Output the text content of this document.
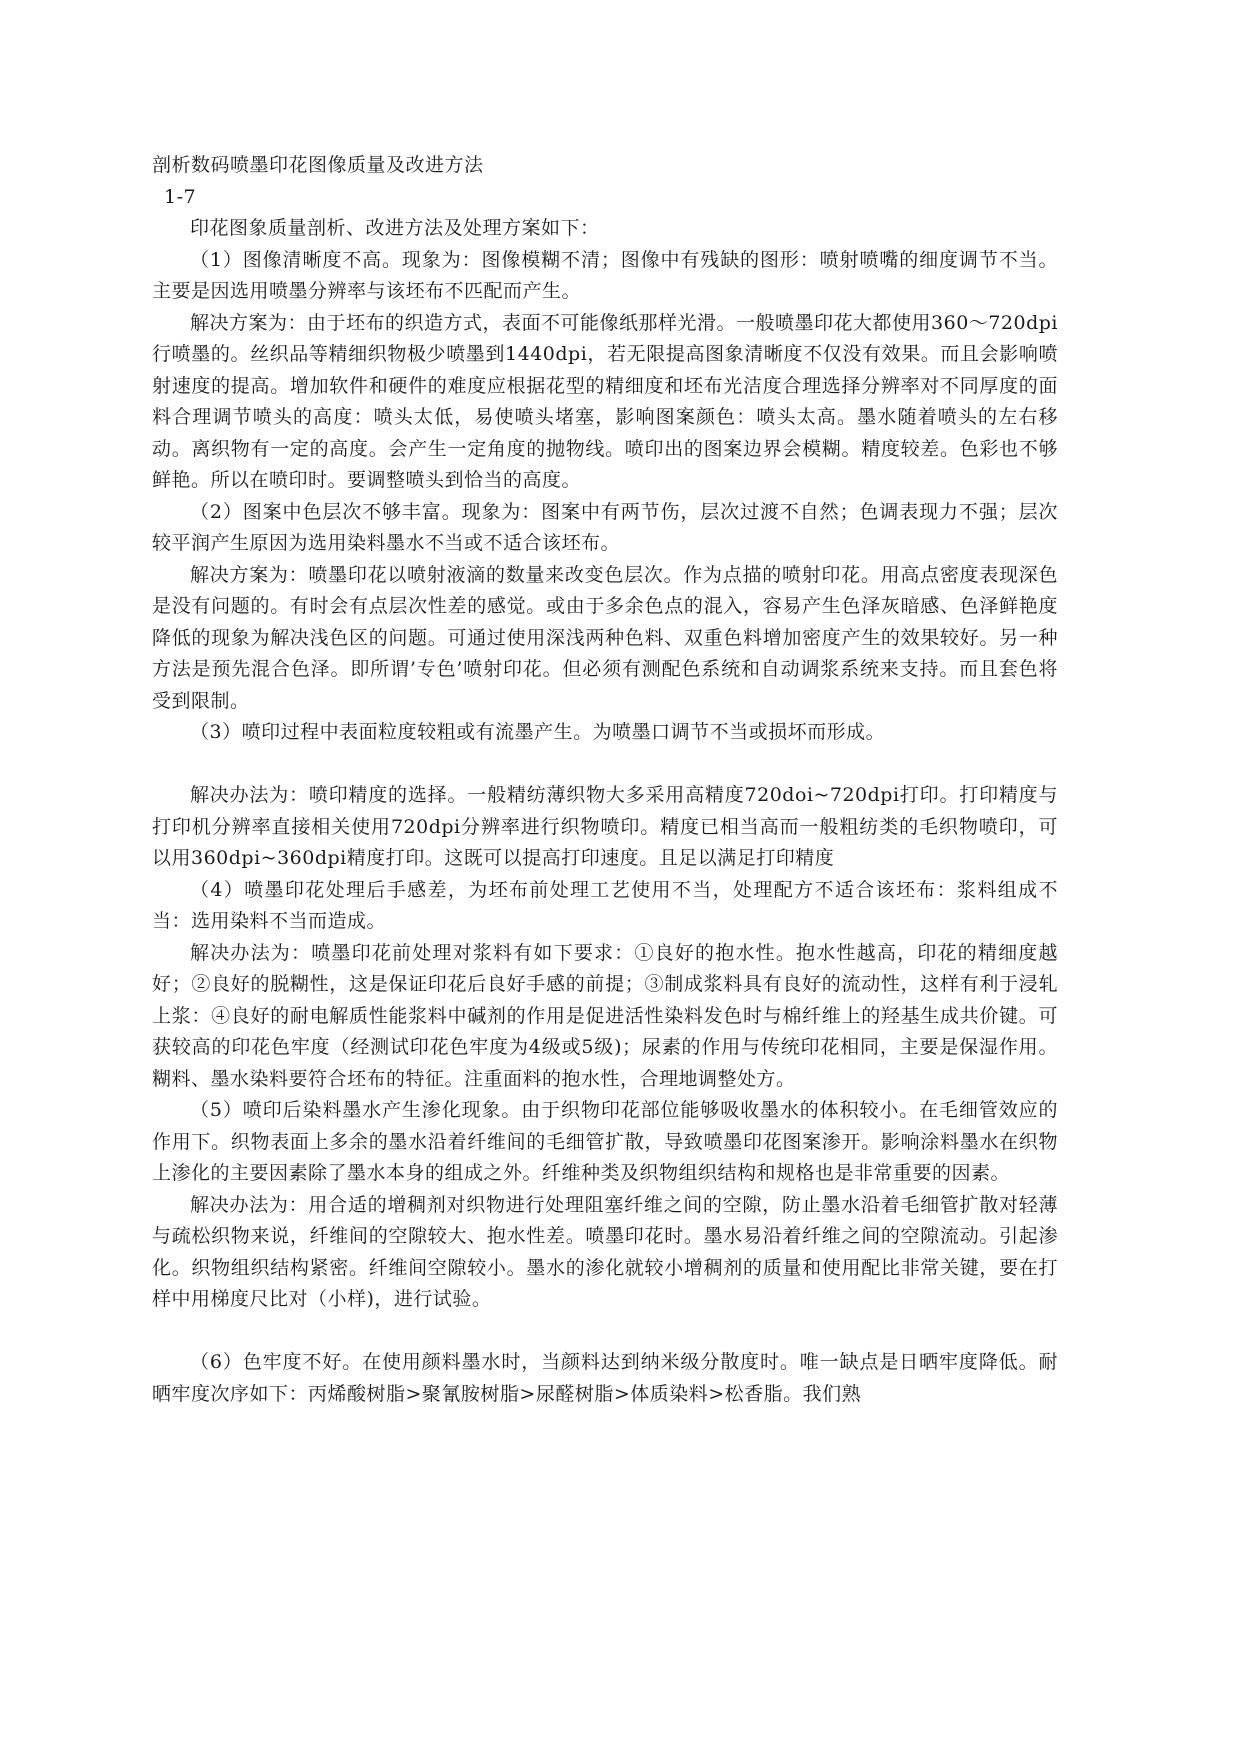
剖析数码喷墨印花图像质量及改进方法

1-7

印花图象质量剖析、改进方法及处理方案如下：

（1）图像清晰度不高。现象为：图像模糊不清；图像中有残缺的图形：喷射喷嘴的细度调节不当。主要是因选用喷墨分辨率与该坯布不匹配而产生。

解决方案为：由于坯布的织造方式，表面不可能像纸那样光滑。一般喷墨印花大都使用360～720dpi行喷墨的。丝织品等精细织物极少喷墨到1440dpi，若无限提高图象清晰度不仅没有效果。而且会影响喷射速度的提高。增加软件和硬件的难度应根据花型的精细度和坯布光洁度合理选择分辨率对不同厚度的面料合理调节喷头的高度：喷头太低，易使喷头堵塞，影响图案颜色：喷头太高。墨水随着喷头的左右移动。离织物有一定的高度。会产生一定角度的抛物线。喷印出的图案边界会模糊。精度较差。色彩也不够鲜艳。所以在喷印时。要调整喷头到恰当的高度。

（2）图案中色层次不够丰富。现象为：图案中有两节伤，层次过渡不自然；色调表现力不强；层次较平润产生原因为选用染料墨水不当或不适合该坯布。

解决方案为：喷墨印花以喷射液滴的数量来改变色层次。作为点描的喷射印花。用高点密度表现深色是没有问题的。有时会有点层次性差的感觉。或由于多余色点的混入，容易产生色泽灰暗感、色泽鲜艳度降低的现象为解决浅色区的问题。可通过使用深浅两种色料、双重色料增加密度产生的效果较好。另一种方法是预先混合色泽。即所谓’专色’喷射印花。但必须有测配色系统和自动调浆系统来支持。而且套色将受到限制。

（3）喷印过程中表面粒度较粗或有流墨产生。为喷墨口调节不当或损坏而形成。

解决办法为：喷印精度的选择。一般精纺薄织物大多采用高精度720doi~720dpi打印。打印精度与打印机分辨率直接相关使用720dpi分辨率进行织物喷印。精度已相当高而一般粗纺类的毛织物喷印，可以用360dpi~360dpi精度打印。这既可以提高打印速度。且足以满足打印精度

（4）喷墨印花处理后手感差，为坯布前处理工艺使用不当，处理配方不适合该坯布：浆料组成不当：选用染料不当而造成。

解决办法为：喷墨印花前处理对浆料有如下要求：①良好的抱水性。抱水性越高，印花的精细度越好；②良好的脱糊性，这是保证印花后良好手感的前提；③制成浆料具有良好的流动性，这样有利于浸轧上浆：④良好的耐电解质性能浆料中碱剂的作用是促进活性染料发色时与棉纤维上的羟基生成共价键。可获较高的印花色牢度（经测试印花色牢度为4级或5级)；尿素的作用与传统印花相同，主要是保湿作用。糊料、墨水染料要符合坯布的特征。注重面料的抱水性，合理地调整处方。

（5）喷印后染料墨水产生渗化现象。由于织物印花部位能够吸收墨水的体积较小。在毛细管效应的作用下。织物表面上多余的墨水沿着纤维间的毛细管扩散，导致喷墨印花图案渗开。影响涂料墨水在织物上渗化的主要因素除了墨水本身的组成之外。纤维种类及织物组织结构和规格也是非常重要的因素。

解决办法为：用合适的增稠剂对织物进行处理阻塞纤维之间的空隙，防止墨水沿着毛细管扩散对轻薄与疏松织物来说，纤维间的空隙较大、抱水性差。喷墨印花时。墨水易沿着纤维之间的空隙流动。引起渗化。织物组织结构紧密。纤维间空隙较小。墨水的渗化就较小增稠剂的质量和使用配比非常关键，要在打样中用梯度尺比对（小样)，进行试验。

（6）色牢度不好。在使用颜料墨水时，当颜料达到纳米级分散度时。唯一缺点是日晒牢度降低。耐晒牢度次序如下：丙烯酸树脂>聚氰胺树脂>尿醛树脂>体质染料>松香脂。我们熟
